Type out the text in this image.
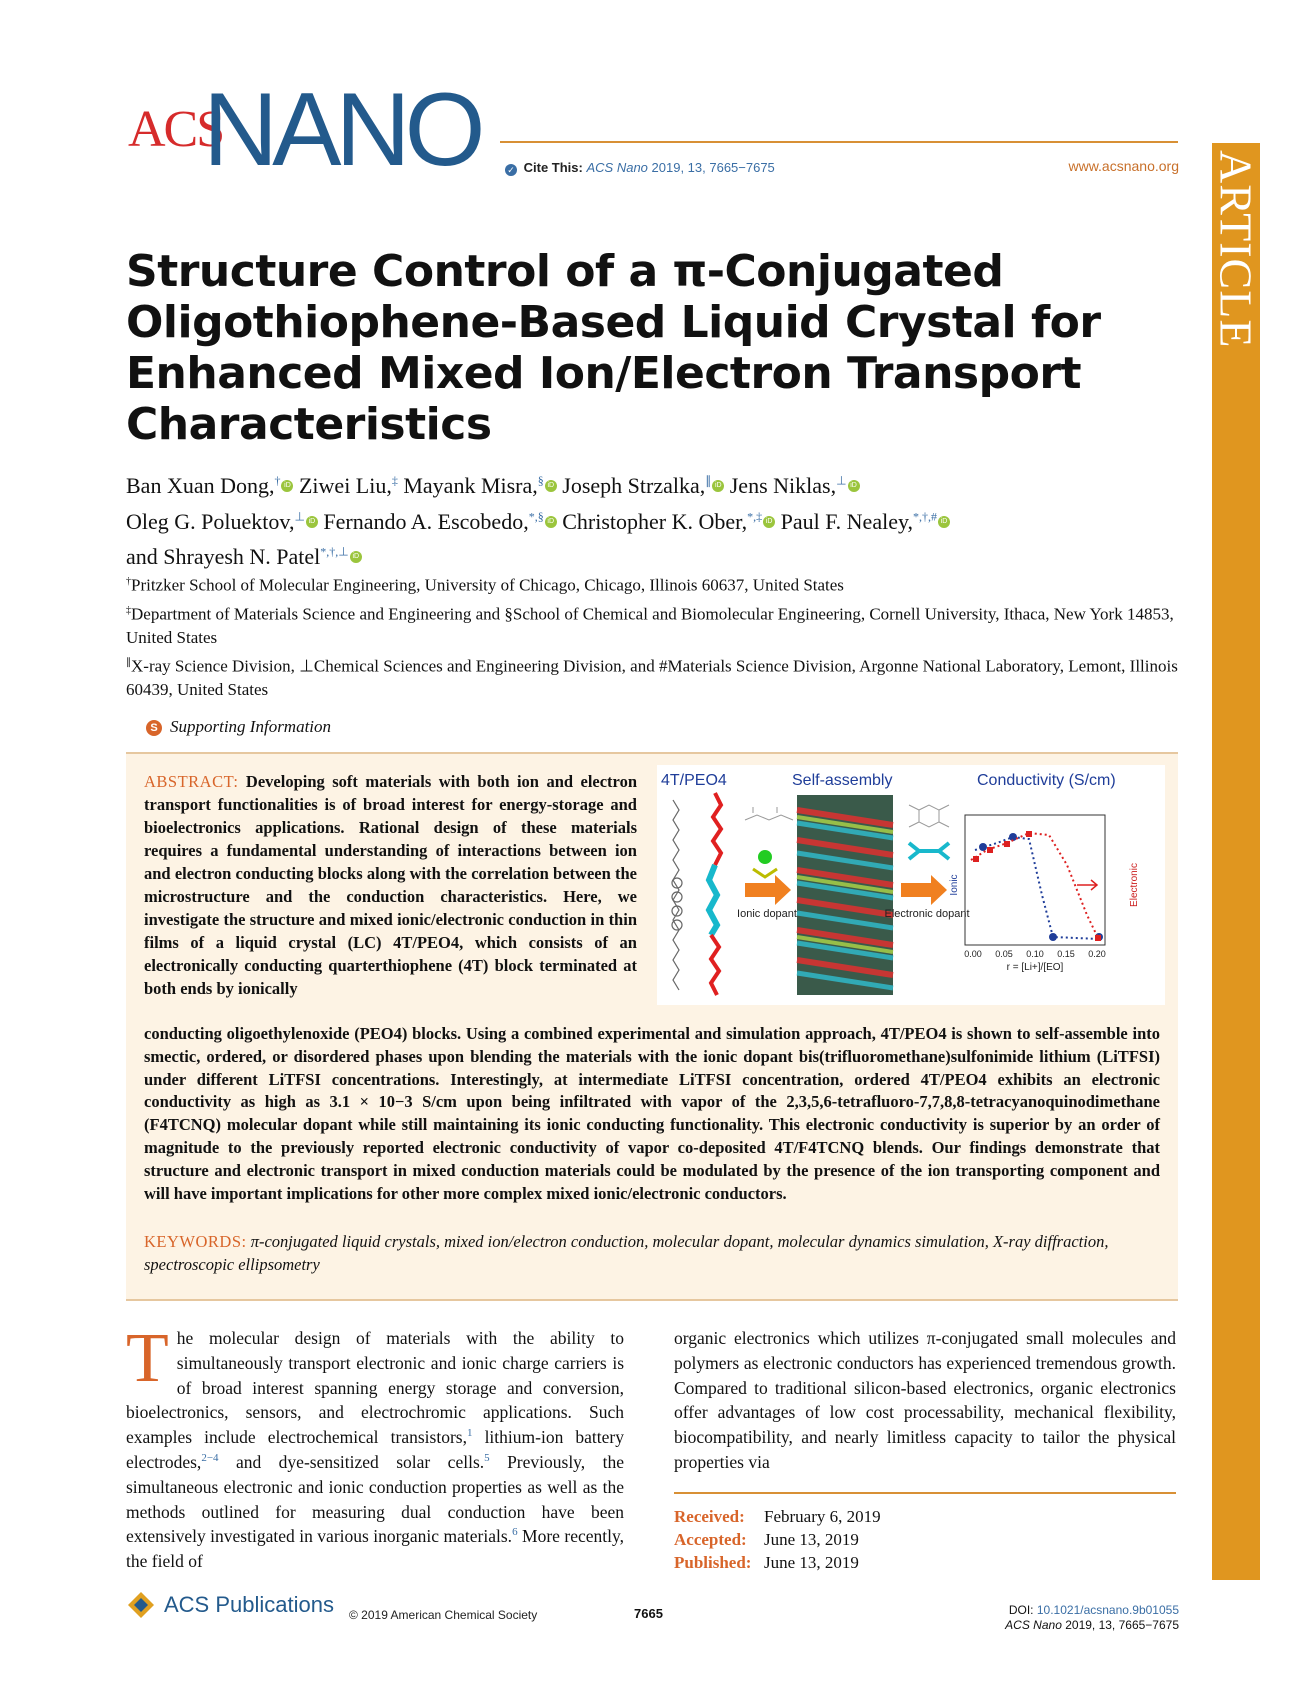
ACS
NANO	✓ Cite This: ACS Nano 2019, 13, 7665−7675	www.acsnano.org ARTICLE
Structure Control of a π-Conjugated Oligothiophene-Based Liquid Crystal for Enhanced Mixed Ion/Electron Transport Characteristics
Ban Xuan Dong,† iD Ziwei Liu,‡ Mayank Misra,§ iD Joseph Strzalka,∥ iD Jens Niklas,⊥ iD
Oleg G. Poluektov,⊥ iD Fernando A. Escobedo,*,§ iD Christopher K. Ober,*,‡ iD Paul F. Nealey,*,†,# iD
and Shrayesh N. Patel*,†,⊥ iD
†Pritzker School of Molecular Engineering, University of Chicago, Chicago, Illinois 60637, United States
‡Department of Materials Science and Engineering and §School of Chemical and Biomolecular Engineering, Cornell University, Ithaca, New York 14853, United States
∥X-ray Science Division, ⊥Chemical Sciences and Engineering Division, and #Materials Science Division, Argonne National Laboratory, Lemont, Illinois 60439, United States
S Supporting Information
ABSTRACT: Developing soft materials with both ion and electron transport functionalities is of broad interest for energy-storage and bioelectronics applications. Rational design of these materials requires a fundamental understanding of interactions between ion and electron conducting blocks along with the correlation between the microstructure and the conduction characteristics. Here, we investigate the structure and mixed ionic/electronic conduction in thin films of a liquid crystal (LC) 4T/PEO4, which consists of an electronically conducting quarterthiophene (4T) block terminated at both ends by ionically
conducting oligoethylenoxide (PEO4) blocks. Using a combined experimental and simulation approach, 4T/PEO4 is shown to self-assemble into smectic, ordered, or disordered phases upon blending the materials with the ionic dopant bis(trifluoromethane)sulfonimide lithium (LiTFSI) under different LiTFSI concentrations. Interestingly, at intermediate LiTFSI concentration, ordered 4T/PEO4 exhibits an electronic conductivity as high as 3.1 × 10−3 S/cm upon being infiltrated with vapor of the 2,3,5,6-tetrafluoro-7,7,8,8-tetracyanoquinodimethane (F4TCNQ) molecular dopant while still maintaining its ionic conducting functionality. This electronic conductivity is superior by an order of magnitude to the previously reported electronic conductivity of vapor co-deposited 4T/F4TCNQ blends. Our findings demonstrate that structure and electronic transport in mixed conduction materials could be modulated by the presence of the ion transporting component and will have important implications for other more complex mixed ionic/electronic conductors.
KEYWORDS: π-conjugated liquid crystals, mixed ion/electron conduction, molecular dopant, molecular dynamics simulation, X-ray diffraction, spectroscopic ellipsometry
4T/PEO4	Self-assembly	Conductivity (S/cm)
Ionic dopant	Electronic dopant
Ionic	Electronic
r = [Li+]/[EO]
0.00 0.05 0.10 0.15 0.20
The molecular design of materials with the ability to simultaneously transport electronic and ionic charge carriers is of broad interest spanning energy storage and conversion, bioelectronics, sensors, and electrochromic applications. Such examples include electrochemical transistors,$^1$ lithium-ion battery electrodes,$^{2-4}$ and dye-sensitized solar cells.$^5$ Previously, the simultaneous electronic and ionic conduction properties as well as the methods outlined for measuring dual conduction have been extensively investigated in various inorganic materials.$^6$ More recently, the field of
organic electronics which utilizes π-conjugated small molecules and polymers as electronic conductors has experienced tremendous growth. Compared to traditional silicon-based electronics, organic electronics offer advantages of low cost processability, mechanical flexibility, biocompatibility, and nearly limitless capacity to tailor the physical properties via
Received: February 6, 2019
Accepted: June 13, 2019
Published: June 13, 2019
ACS Publications © 2019 American Chemical Society	7665	DOI: 10.1021/acsnano.9b01055
ACS Nano 2019, 13, 7665−7675
